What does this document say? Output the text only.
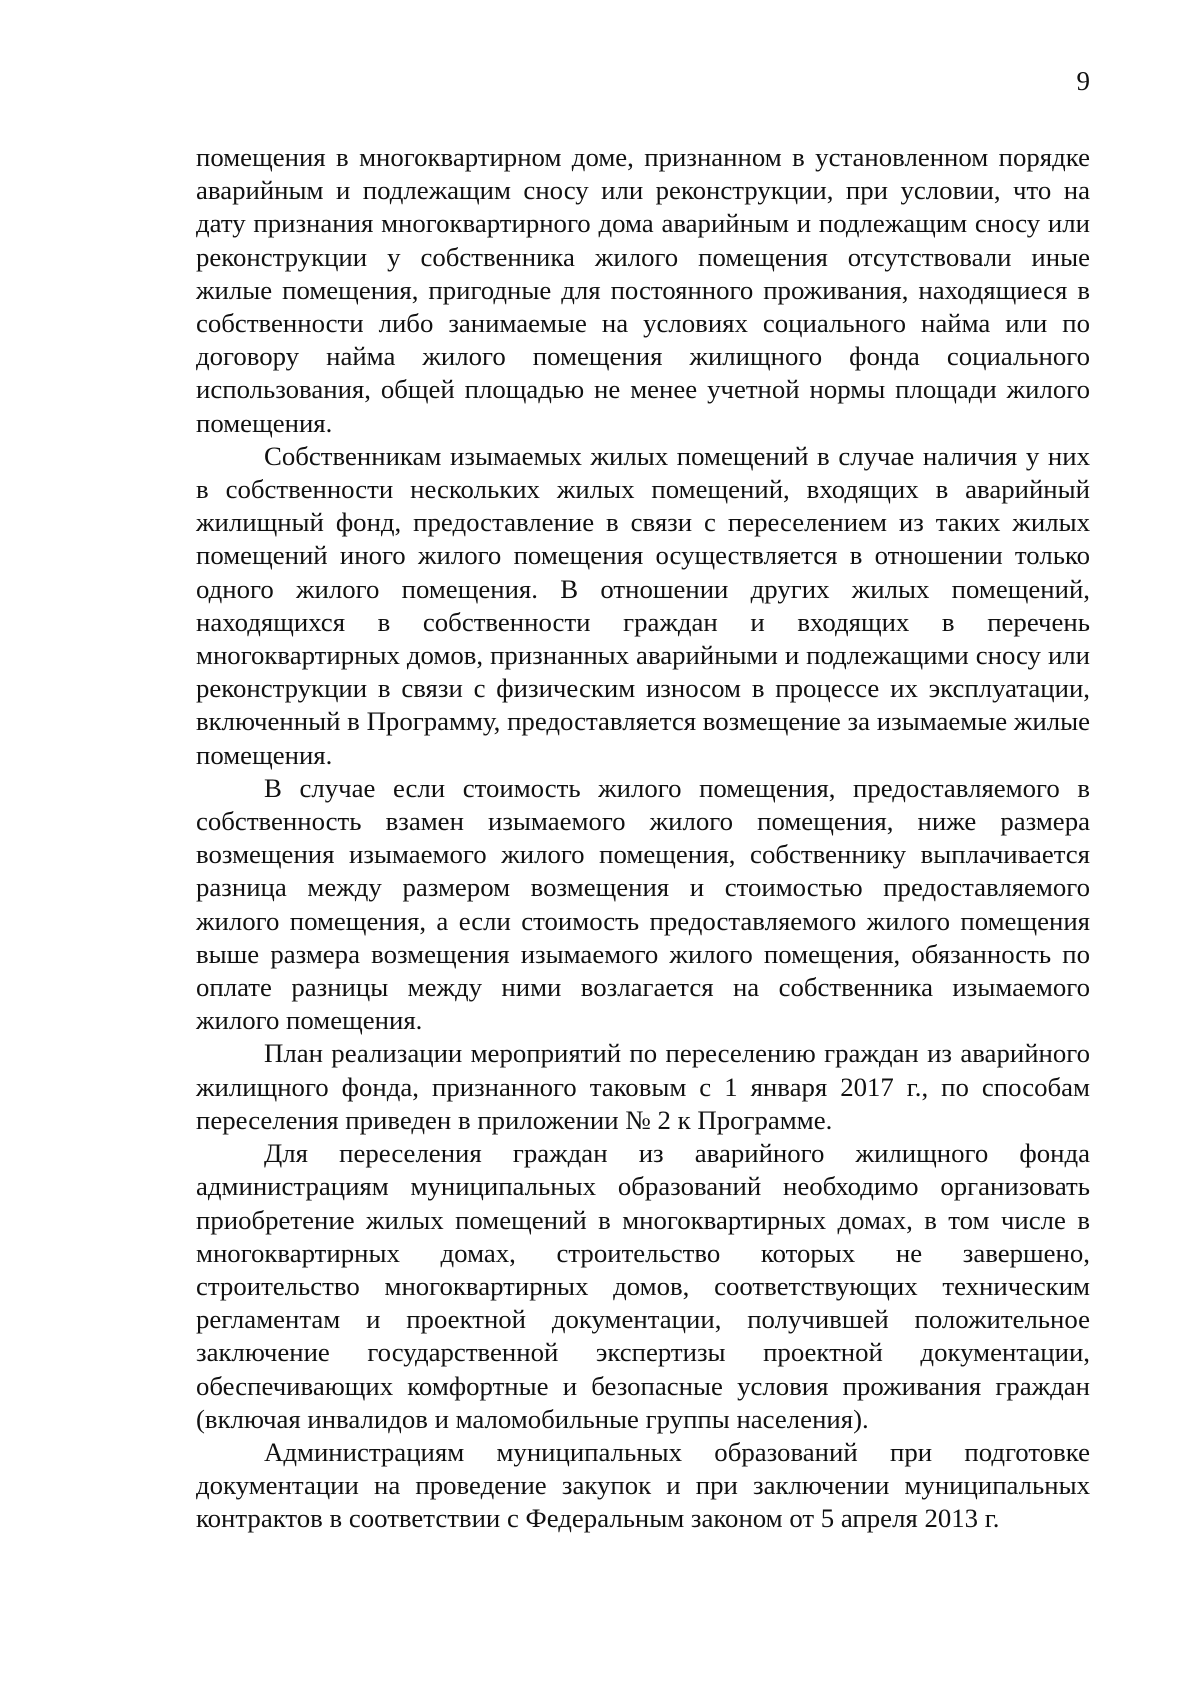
9

помещения в многоквартирном доме, признанном в установленном порядке аварийным и подлежащим сносу или реконструкции, при условии, что на дату признания многоквартирного дома аварийным и подлежащим сносу или реконструкции у собственника жилого помещения отсутствовали иные жилые помещения, пригодные для постоянного проживания, находящиеся в собственности либо занимаемые на условиях социального найма или по договору найма жилого помещения жилищного фонда социального использования, общей площадью не менее учетной нормы площади жилого помещения.

Собственникам изымаемых жилых помещений в случае наличия у них в собственности нескольких жилых помещений, входящих в аварийный жилищный фонд, предоставление в связи с переселением из таких жилых помещений иного жилого помещения осуществляется в отношении только одного жилого помещения. В отношении других жилых помещений, находящихся в собственности граждан и входящих в перечень многоквартирных домов, признанных аварийными и подлежащими сносу или реконструкции в связи с физическим износом в процессе их эксплуатации, включенный в Программу, предоставляется возмещение за изымаемые жилые помещения.

В случае если стоимость жилого помещения, предоставляемого в собственность взамен изымаемого жилого помещения, ниже размера возмещения изымаемого жилого помещения, собственнику выплачивается разница между размером возмещения и стоимостью предоставляемого жилого помещения, а если стоимость предоставляемого жилого помещения выше размера возмещения изымаемого жилого помещения, обязанность по оплате разницы между ними возлагается на собственника изымаемого жилого помещения.

План реализации мероприятий по переселению граждан из аварийного жилищного фонда, признанного таковым с 1 января 2017 г., по способам переселения приведен в приложении № 2 к Программе.

Для переселения граждан из аварийного жилищного фонда администрациям муниципальных образований необходимо организовать приобретение жилых помещений в многоквартирных домах, в том числе в многоквартирных домах, строительство которых не завершено, строительство многоквартирных домов, соответствующих техническим регламентам и проектной документации, получившей положительное заключение государственной экспертизы проектной документации, обеспечивающих комфортные и безопасные условия проживания граждан (включая инвалидов и маломобильные группы населения).

Администрациям муниципальных образований при подготовке документации на проведение закупок и при заключении муниципальных контрактов в соответствии с Федеральным законом от 5 апреля 2013 г.
